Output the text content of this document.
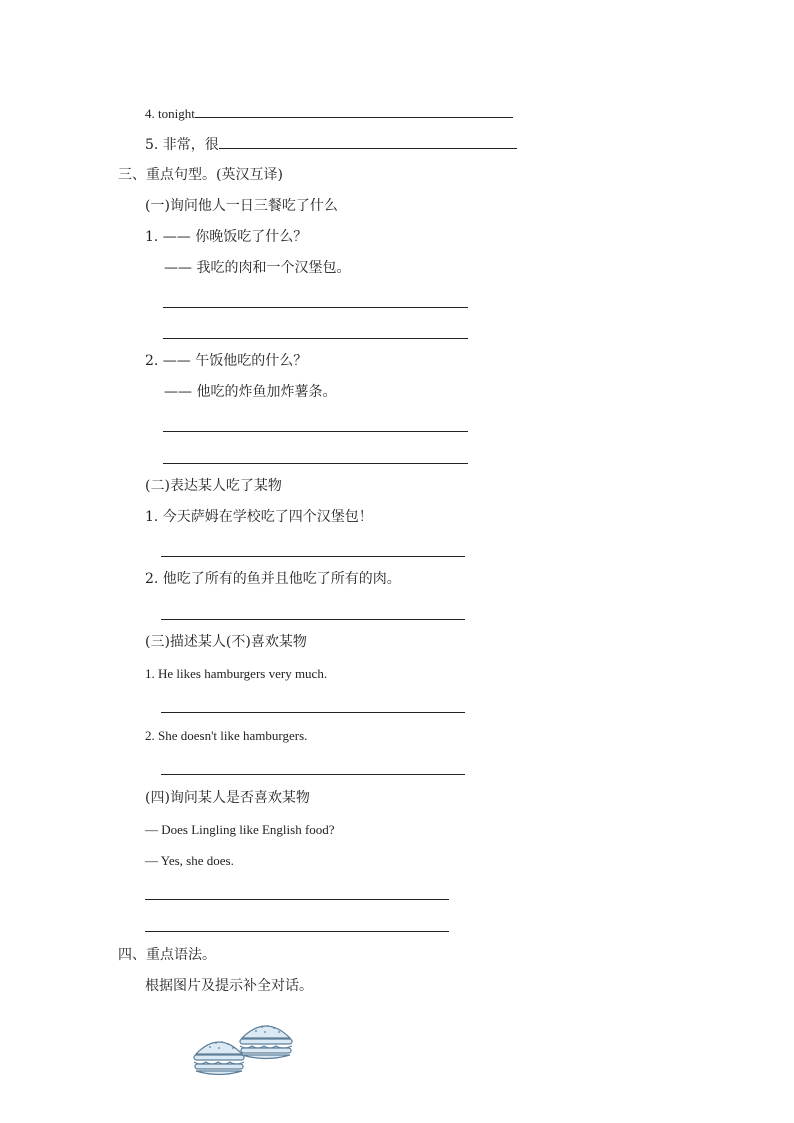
4. tonight
5. 非常，很
三、重点句型。(英汉互译)
(一)询问他人一日三餐吃了什么
1. —— 你晚饭吃了什么？
—— 我吃的肉和一个汉堡包。
2. —— 午饭他吃的什么？
—— 他吃的炸鱼加炸薯条。
(二)表达某人吃了某物
1. 今天萨姆在学校吃了四个汉堡包！
2. 他吃了所有的鱼并且他吃了所有的肉。
(三)描述某人(不)喜欢某物
1. He likes hamburgers very much.
2. She doesn't like hamburgers.
(四)询问某人是否喜欢某物
— Does Lingling like English food?
— Yes, she does.
四、重点语法。
根据图片及提示补全对话。
